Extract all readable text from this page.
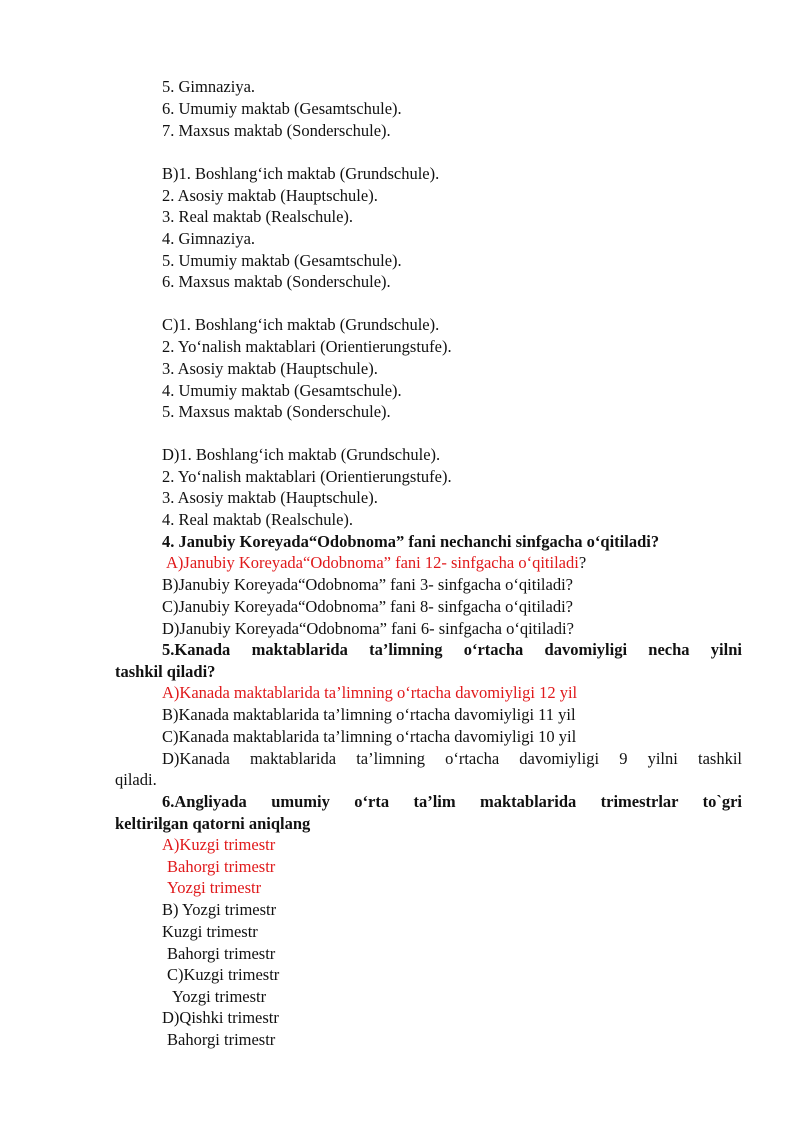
5. Gimnaziya.
6. Umumiy maktab (Gesamtschule).
7. Maxsus maktab (Sonderschule).
B)1. Boshlang‘ich maktab (Grundschule).
2. Asosiy maktab (Hauptschule).
3. Real maktab (Realschule).
4. Gimnaziya.
5. Umumiy maktab (Gesamtschule).
6. Maxsus maktab (Sonderschule).
C)1. Boshlang‘ich maktab (Grundschule).
2. Yo‘nalish maktablari (Orientierungstufe).
3. Asosiy maktab (Hauptschule).
4. Umumiy maktab (Gesamtschule).
5. Maxsus maktab (Sonderschule).
D)1. Boshlang‘ich maktab (Grundschule).
2. Yo‘nalish maktablari (Orientierungstufe).
3. Asosiy maktab (Hauptschule).
4. Real maktab (Realschule).
4. Janubiy Koreyada“Odobnoma” fani nechanchi sinfgacha o‘qitiladi?
A)Janubiy Koreyada“Odobnoma” fani 12- sinfgacha o‘qitiladi?
B)Janubiy Koreyada“Odobnoma” fani 3- sinfgacha o‘qitiladi?
C)Janubiy Koreyada“Odobnoma” fani 8- sinfgacha o‘qitiladi?
D)Janubiy Koreyada“Odobnoma” fani 6- sinfgacha o‘qitiladi?
5.Kanada maktablarida ta’limning o‘rtacha davomiyligi necha yilni
tashkil qiladi?
A)Kanada maktablarida ta’limning o‘rtacha davomiyligi 12 yil
B)Kanada maktablarida ta’limning o‘rtacha davomiyligi 11 yil
C)Kanada maktablarida ta’limning o‘rtacha davomiyligi 10 yil
D)Kanada maktablarida ta’limning o‘rtacha davomiyligi 9 yilni tashkil
qiladi.
6.Angliyada umumiy o‘rta ta’lim maktablarida trimestrlar to`gri
keltirilgan qatorni aniqlang
A)Kuzgi trimestr
Bahorgi trimestr
Yozgi trimestr
B) Yozgi trimestr
Kuzgi trimestr
Bahorgi trimestr
C)Kuzgi trimestr
Yozgi trimestr
D)Qishki trimestr
Bahorgi trimestr
